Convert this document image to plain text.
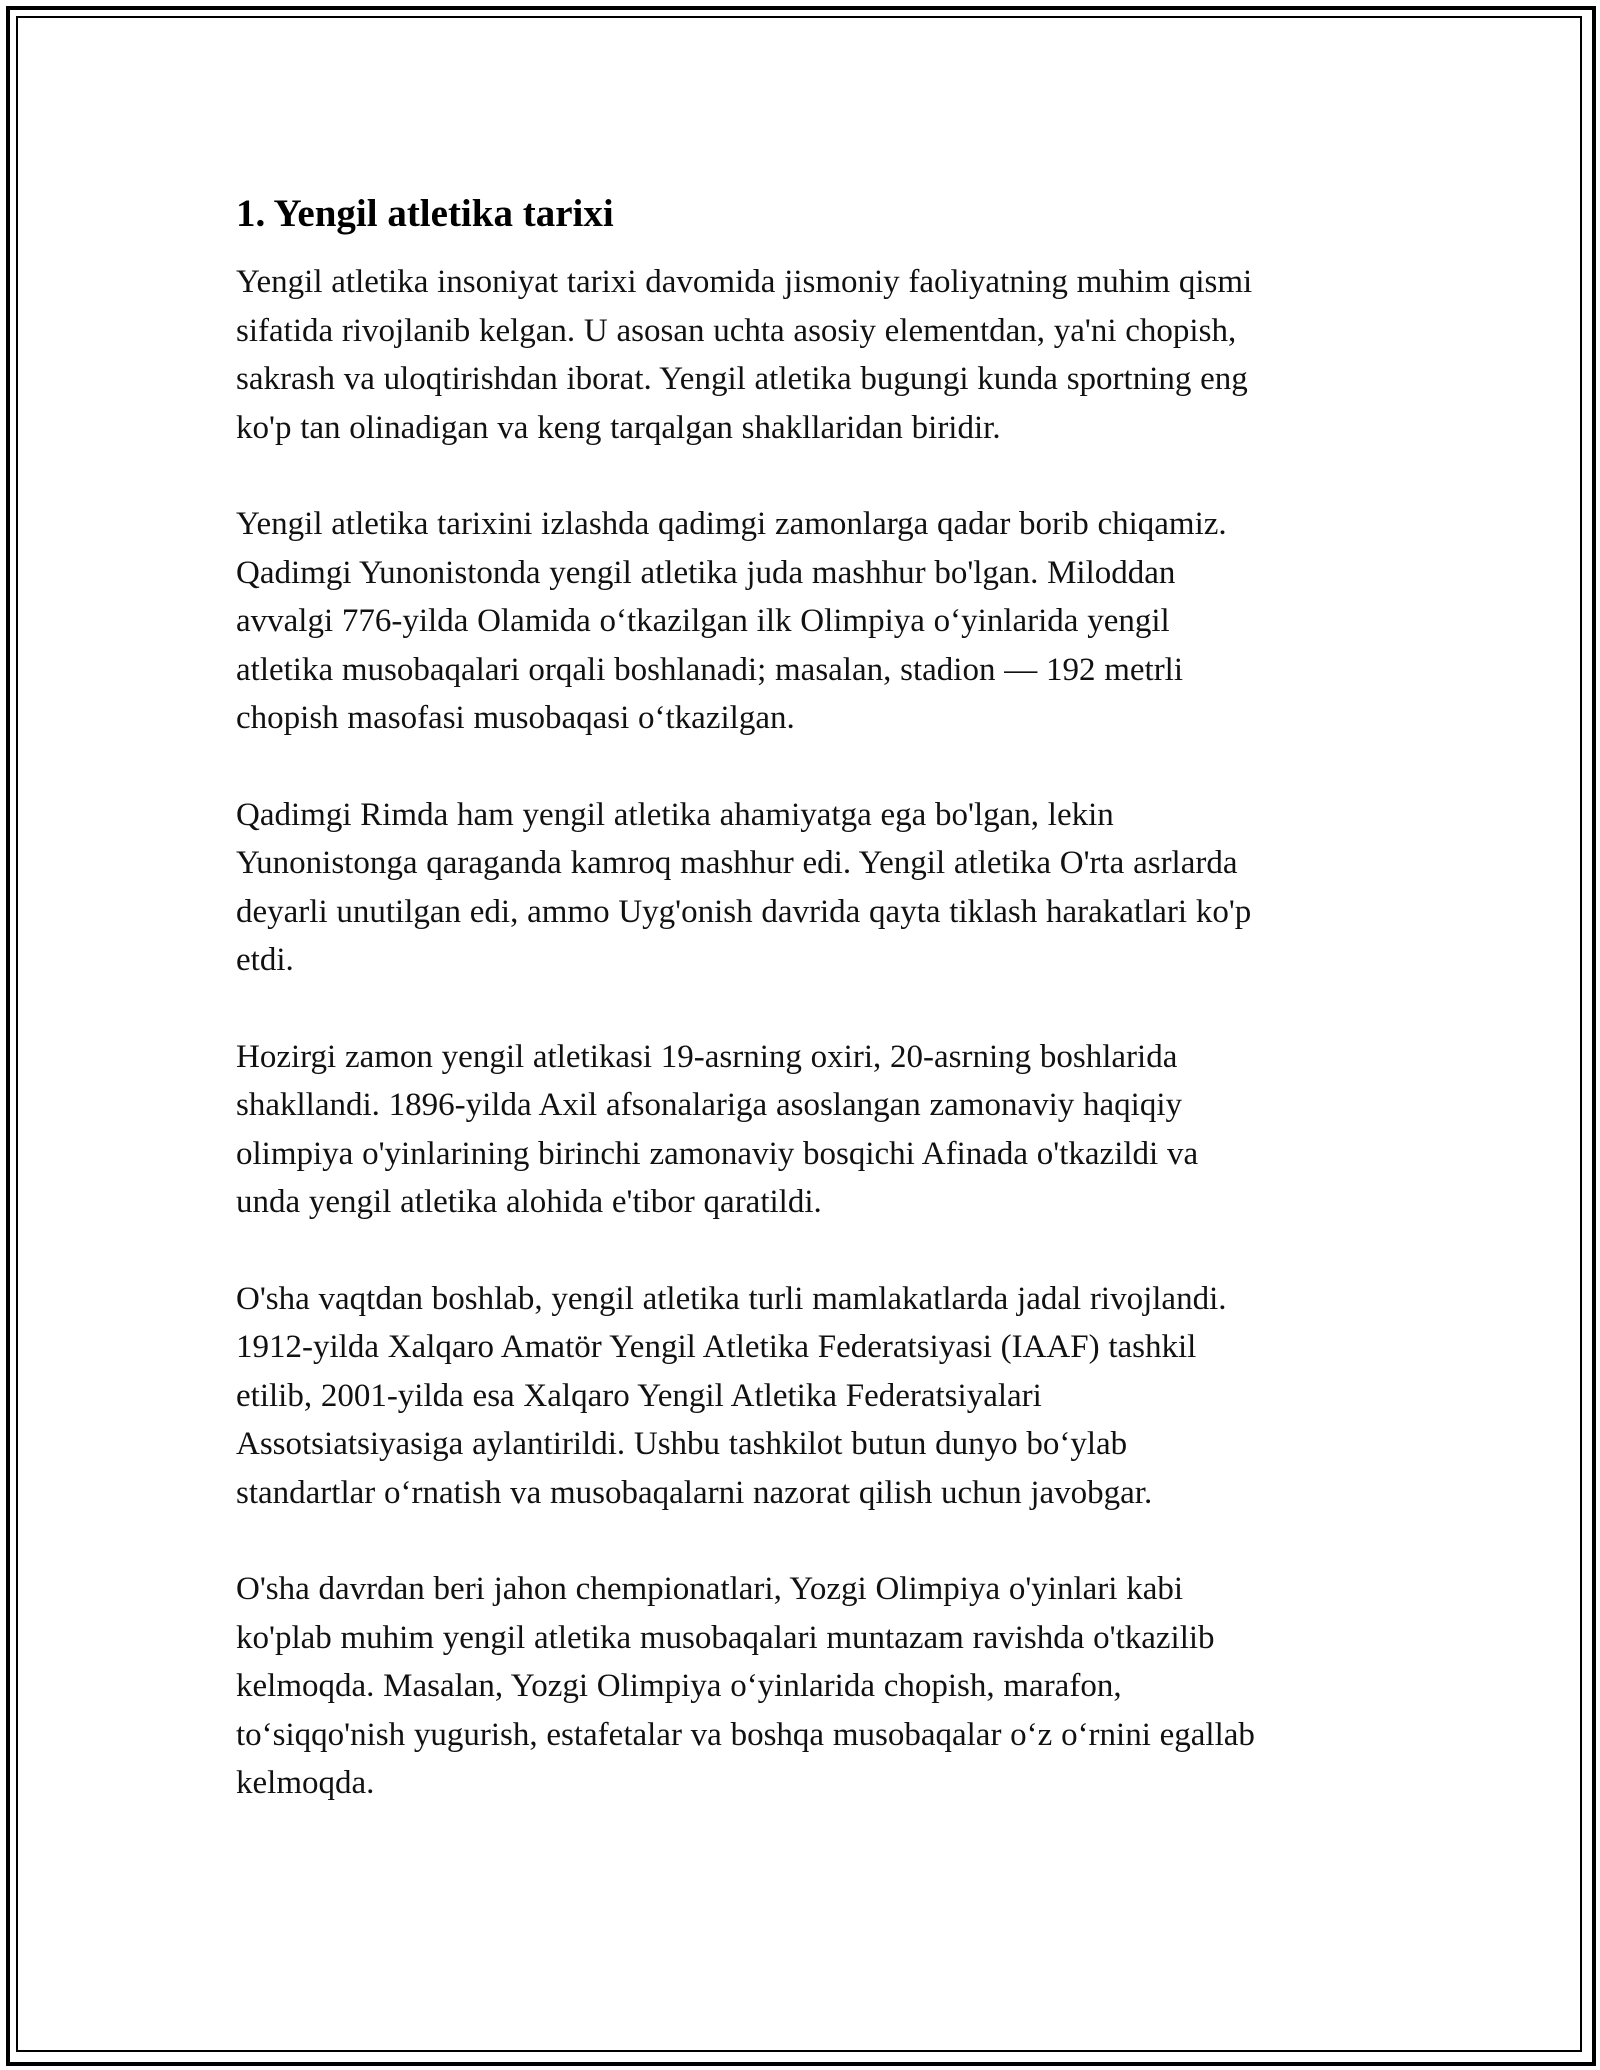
1. Yengil atletika tarixi

Yengil atletika insoniyat tarixi davomida jismoniy faoliyatning muhim qismi
sifatida rivojlanib kelgan. U asosan uchta asosiy elementdan, ya'ni chopish,
sakrash va uloqtirishdan iborat. Yengil atletika bugungi kunda sportning eng
ko'p tan olinadigan va keng tarqalgan shakllaridan biridir.

Yengil atletika tarixini izlashda qadimgi zamonlarga qadar borib chiqamiz.
Qadimgi Yunonistonda yengil atletika juda mashhur bo'lgan. Miloddan
avvalgi 776-yilda Olamida o‘tkazilgan ilk Olimpiya o‘yinlarida yengil
atletika musobaqalari orqali boshlanadi; masalan, stadion — 192 metrli
chopish masofasi musobaqasi o‘tkazilgan.

Qadimgi Rimda ham yengil atletika ahamiyatga ega bo'lgan, lekin
Yunonistonga qaraganda kamroq mashhur edi. Yengil atletika O'rta asrlarda
deyarli unutilgan edi, ammo Uyg'onish davrida qayta tiklash harakatlari ko'p
etdi.

Hozirgi zamon yengil atletikasi 19-asrning oxiri, 20-asrning boshlarida
shakllandi. 1896-yilda Axil afsonalariga asoslangan zamonaviy haqiqiy
olimpiya o'yinlarining birinchi zamonaviy bosqichi Afinada o'tkazildi va
unda yengil atletika alohida e'tibor qaratildi.

O'sha vaqtdan boshlab, yengil atletika turli mamlakatlarda jadal rivojlandi.
1912-yilda Xalqaro Amatör Yengil Atletika Federatsiyasi (IAAF) tashkil
etilib, 2001-yilda esa Xalqaro Yengil Atletika Federatsiyalari
Assotsiatsiyasiga aylantirildi. Ushbu tashkilot butun dunyo bo‘ylab
standartlar o‘rnatish va musobaqalarni nazorat qilish uchun javobgar.

O'sha davrdan beri jahon chempionatlari, Yozgi Olimpiya o'yinlari kabi
ko'plab muhim yengil atletika musobaqalari muntazam ravishda o'tkazilib
kelmoqda. Masalan, Yozgi Olimpiya o‘yinlarida chopish, marafon,
to‘siqqo'nish yugurish, estafetalar va boshqa musobaqalar o‘z o‘rnini egallab
kelmoqda.
